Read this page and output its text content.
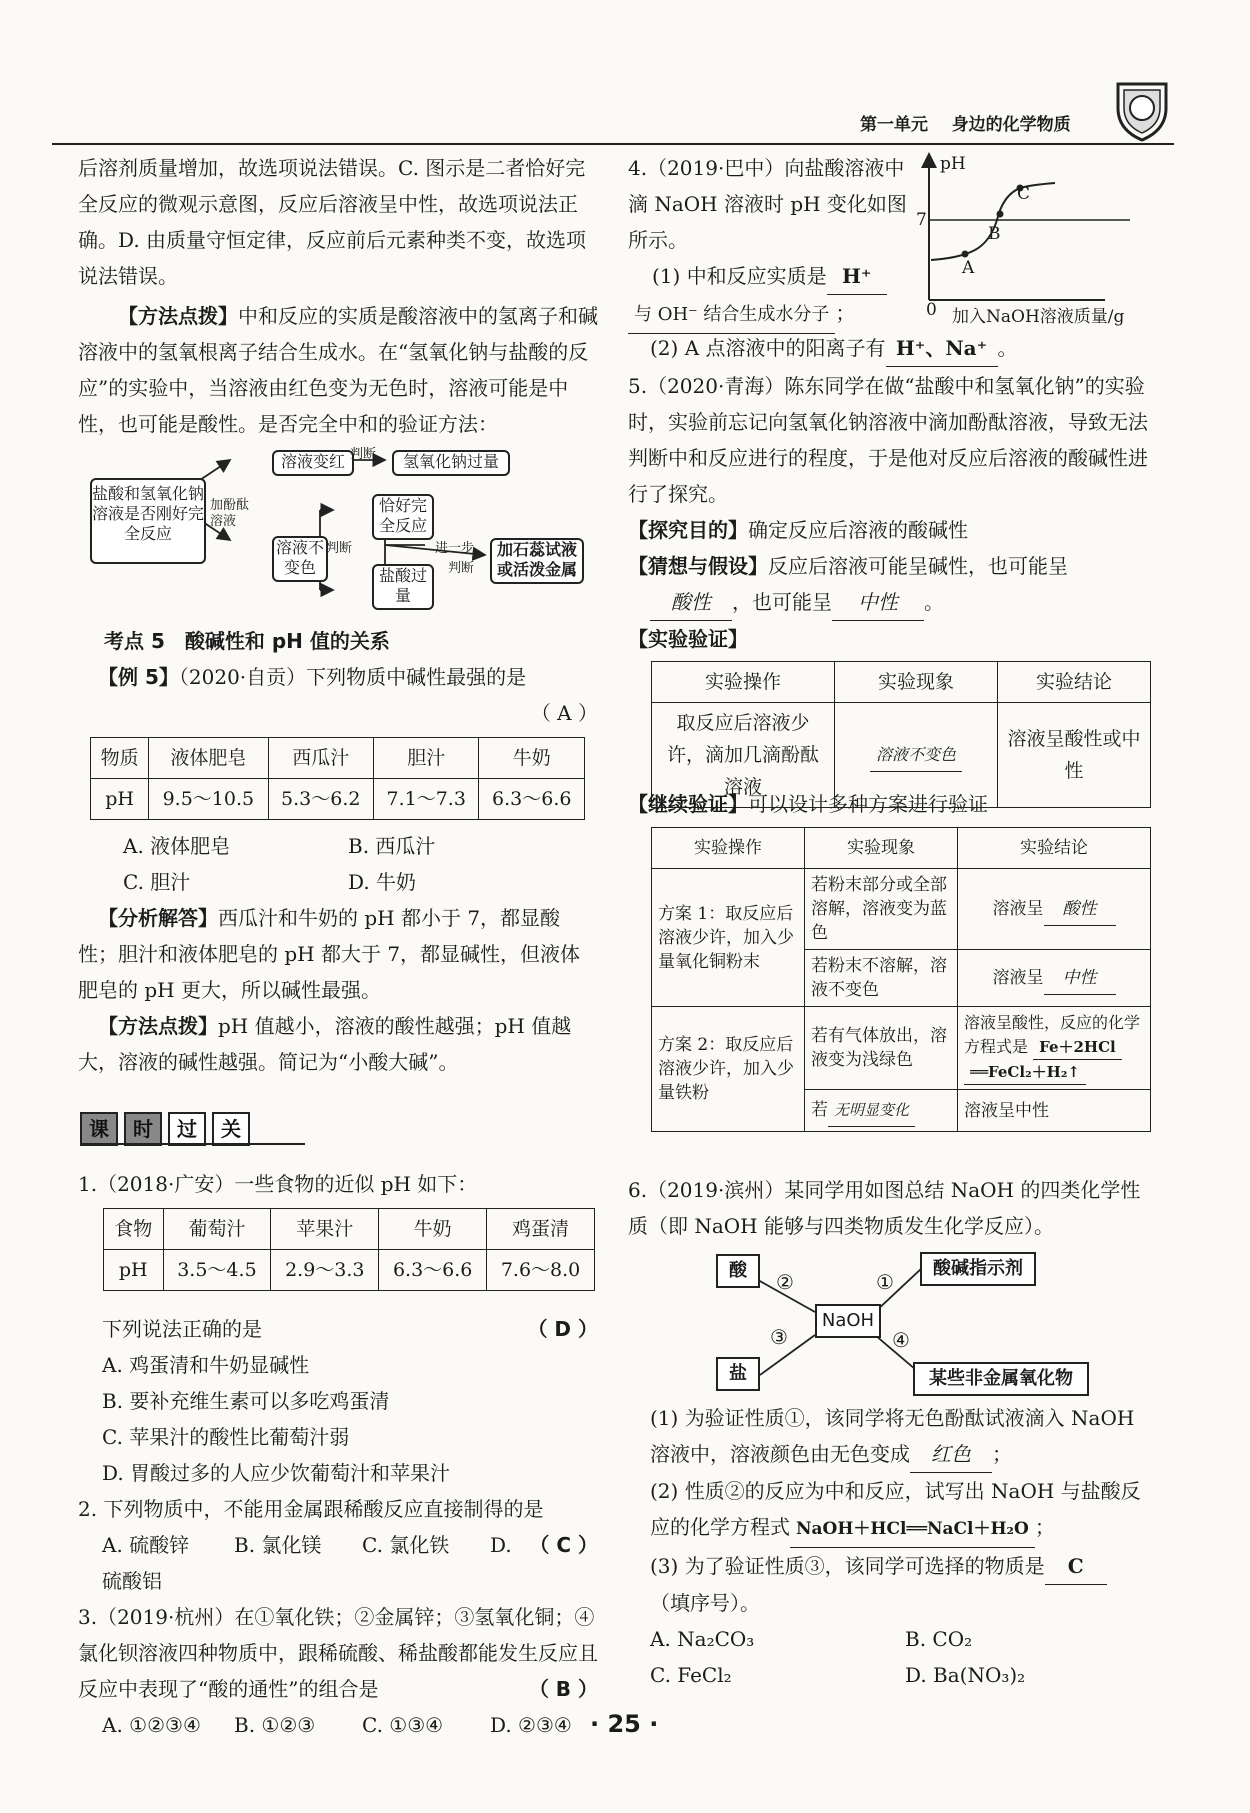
第一单元 身边的化学物质

后溶剂质量增加，故选项说法错误。C. 图示是二者恰好完全反应的微观示意图，反应后溶液呈中性，故选项说法正确。D. 由质量守恒定律，反应前后元素种类不变，故选项说法错误。

【方法点拨】中和反应的实质是酸溶液中的氢离子和碱溶液中的氢氧根离子结合生成水。在“氢氧化钠与盐酸的反应”的实验中，当溶液由红色变为无色时，溶液可能是中性，也可能是酸性。是否完全中和的验证方法：

盐酸和氢氧化钠溶液是否刚好完全反应
加酚酞溶液
溶液变红 判断	氢氧化钠过量
溶液不变色
判断
恰好完全反应
盐酸过量
进一步
判断
加石蕊试液或活泼金属

考点 5　酸碱性和 pH 值的关系

【例 5】（2020·自贡）下列物质中碱性最强的是

（ A ）

物质	液体肥皂	西瓜汁	胆汁	牛奶
pH	9.5～10.5	5.3～6.2	7.1～7.3	6.3～6.6

A. 液体肥皂	B. 西瓜汁

C. 胆汁	D. 牛奶

【分析解答】西瓜汁和牛奶的 pH 都小于 7，都显酸性；胆汁和液体肥皂的 pH 都大于 7，都显碱性，但液体肥皂的 pH 更大，所以碱性最强。

【方法点拨】pH 值越小，溶液的酸性越强；pH 值越大，溶液的碱性越强。简记为“小酸大碱”。

课 时 过 关

1.（2018·广安）一些食物的近似 pH 如下：

食物	葡萄汁	苹果汁	牛奶	鸡蛋清
pH	3.5～4.5	2.9～3.3	6.3～6.6	7.6～8.0

下列说法正确的是	（ D ）

A. 鸡蛋清和牛奶显碱性

B. 要补充维生素可以多吃鸡蛋清

C. 苹果汁的酸性比葡萄汁弱

D. 胃酸过多的人应少饮葡萄汁和苹果汁

2. 下列物质中，不能用金属跟稀酸反应直接制得的是
（ C ）

A. 硫酸锌 B. 氯化镁 C. 氯化铁 D. 硫酸铝

3.（2019·杭州）在①氧化铁；②金属锌；③氢氧化铜；④氯化钡溶液四种物质中，跟稀硫酸、稀盐酸都能发生反应且反应中表现了“酸的通性”的组合是	（ B ）

A. ①②③④ B. ①②③ C. ①③④ D. ②③④

4.（2019·巴中）向盐酸溶液中滴 NaOH 溶液时 pH 变化如图所示。

(1) 中和反应实质是 H⁺

与 OH⁻ 结合生成水分子 ；

(2) A 点溶液中的阳离子有 H⁺、Na⁺ 。

pH
7
0 加入NaOH溶液质量/g
A
B
C

5.（2020·青海）陈东同学在做“盐酸中和氢氧化钠”的实验时，实验前忘记向氢氧化钠溶液中滴加酚酞溶液，导致无法判断中和反应进行的程度，于是他对反应后溶液的酸碱性进行了探究。

【探究目的】确定反应后溶液的酸碱性

【猜想与假设】反应后溶液可能呈碱性，也可能呈

酸性 ，也可能呈 中性 。

【实验验证】

实验操作	实验现象	实验结论
取反应后溶液少许，滴加几滴酚酞溶液	溶液不变色	溶液呈酸性或中性

【继续验证】可以设计多种方案进行验证

实验操作	实验现象	实验结论
方案 1：取反应后溶液少许，加入少量氧化铜粉末	若粉末部分或全部溶解，溶液变为蓝色	溶液呈 酸性
	若粉末不溶解，溶液不变色	溶液呈 中性
方案 2：取反应后溶液少许，加入少量铁粉	若有气体放出，溶液变为浅绿色	溶液呈酸性，反应的化学方程式是 Fe＋2HCl
══FeCl₂＋H₂↑
	若 无明显变化	溶液呈中性

6.（2019·滨州）某同学用如图总结 NaOH 的四类化学性质（即 NaOH 能够与四类物质发生化学反应）。

酸	酸碱指示剂
NaOH
盐	某些非金属氧化物
②	①
③	④

(1) 为验证性质①，该同学将无色酚酞试液滴入 NaOH 溶液中，溶液颜色由无色变成 红色 ；

(2) 性质②的反应为中和反应，试写出 NaOH 与盐酸反应的化学方程式 NaOH＋HCl══NaCl＋H₂O ；

(3) 为了验证性质③，该同学可选择的物质是 C

（填序号）。

A. Na₂CO₃	B. CO₂

C. FeCl₂	D. Ba(NO₃)₂

· 25 ·
